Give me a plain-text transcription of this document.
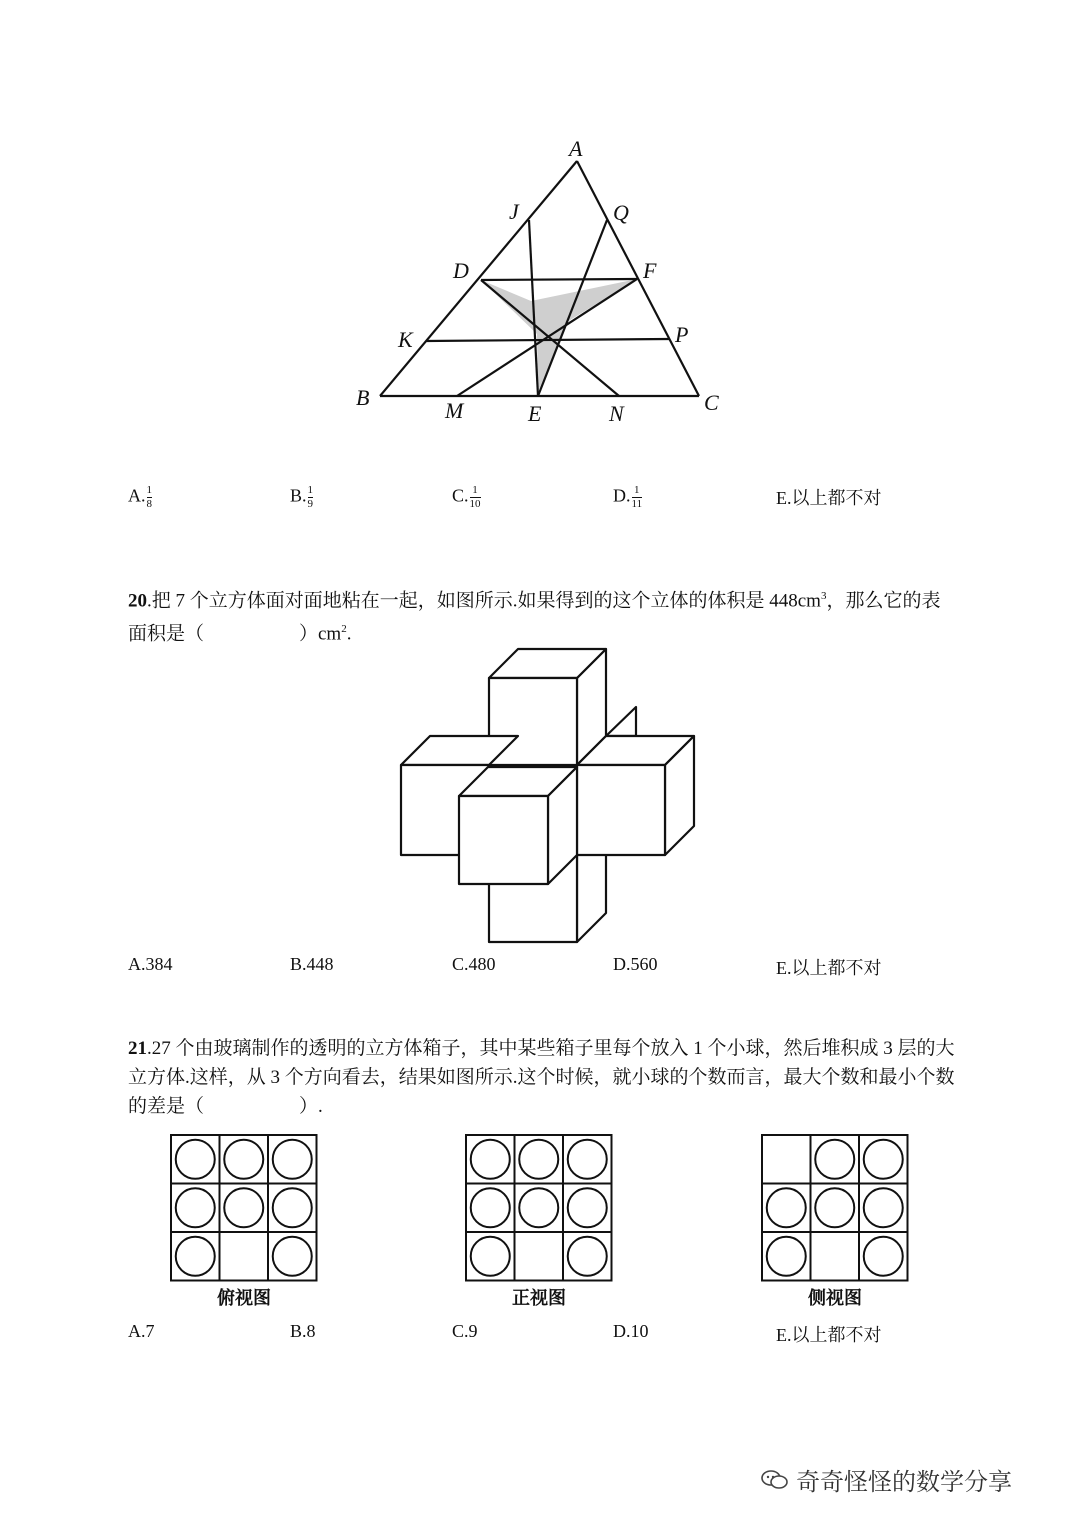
A
J	Q
D	F
K	P
B
M	E	N	C
A. $\frac{1}{8}$	B. $\frac{1}{9}$	C. $\frac{1}{10}$	D. $\frac{1}{11}$	E.以上都不对
20.把 7 个立方体面对面地粘在一起，如图所示.如果得到的这个立体的体积是 $448cm^3$，那么它的表面积是（　　　　　）$cm^2$.
A.384	B.448	C.480	D.560	E.以上都不对
21.27 个由玻璃制作的透明的立方体箱子，其中某些箱子里每个放入 1 个小球，然后堆积成 3 层的大立方体.这样，从 3 个方向看去，结果如图所示.这个时候，就小球的个数而言，最大个数和最小个数的差是（　　　　　）.
俯视图	正视图	侧视图
A.7	B.8	C.9	D.10	E.以上都不对
奇奇怪怪的数学分享
